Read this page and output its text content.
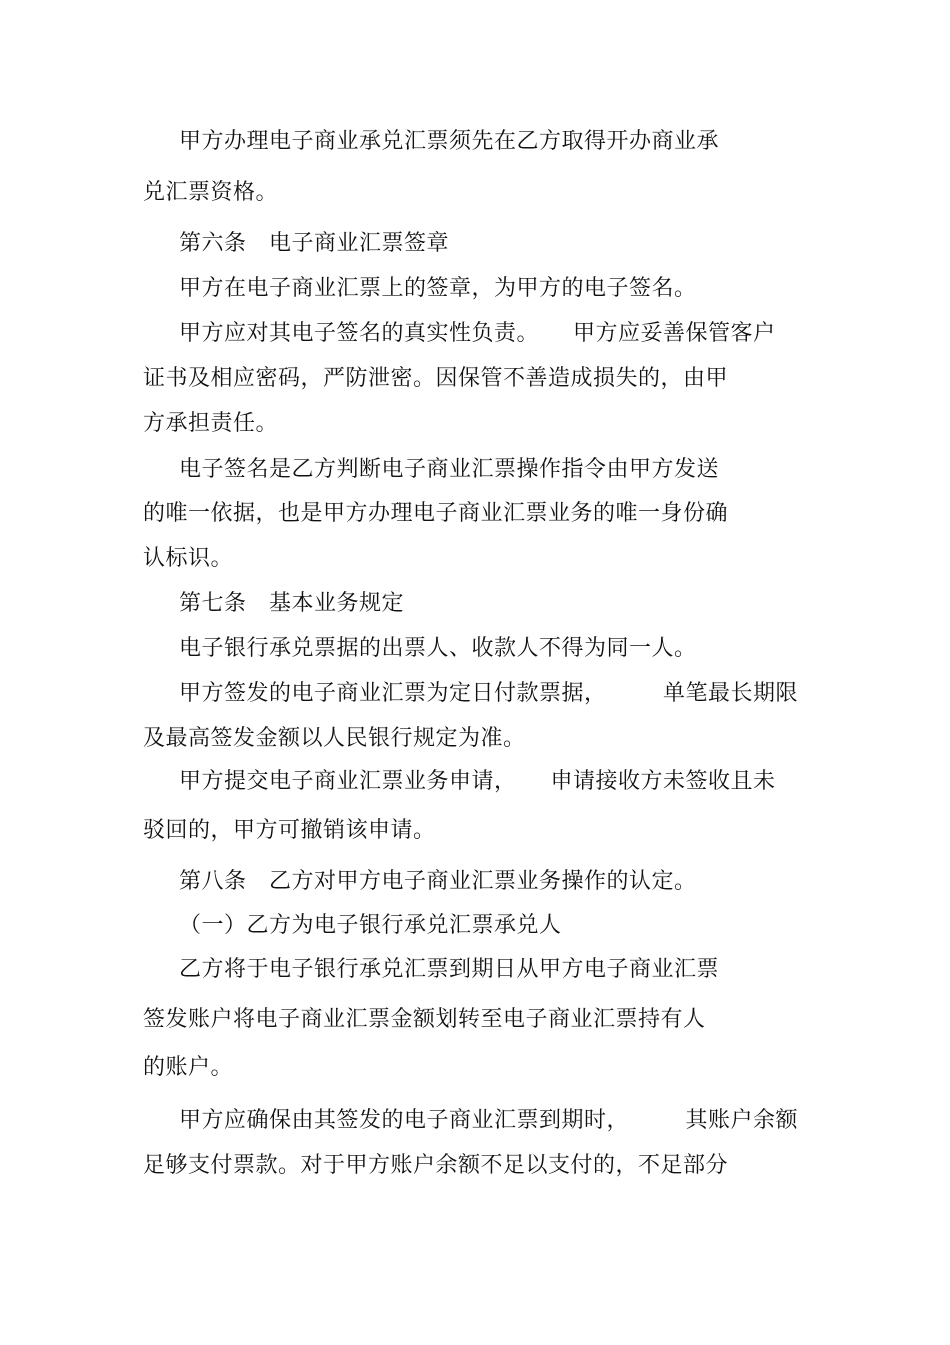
甲方办理电子商业承兑汇票须先在乙方取得开办商业承
兑汇票资格。
第六条　电子商业汇票签章
甲方在电子商业汇票上的签章，为甲方的电子签名。
甲方应对其电子签名的真实性负责。　　甲方应妥善保管客户
证书及相应密码，严防泄密。因保管不善造成损失的，由甲
方承担责任。
电子签名是乙方判断电子商业汇票操作指令由甲方发送
的唯一依据，也是甲方办理电子商业汇票业务的唯一身份确
认标识。
第七条　基本业务规定
电子银行承兑票据的出票人、收款人不得为同一人。
甲方签发的电子商业汇票为定日付款票据，　　　单笔最长期限
及最高签发金额以人民银行规定为准。
甲方提交电子商业汇票业务申请，　　申请接收方未签收且未
驳回的，甲方可撤销该申请。
第八条　乙方对甲方电子商业汇票业务操作的认定。
（一）乙方为电子银行承兑汇票承兑人
乙方将于电子银行承兑汇票到期日从甲方电子商业汇票
签发账户将电子商业汇票金额划转至电子商业汇票持有人
的账户。
甲方应确保由其签发的电子商业汇票到期时，　　　其账户余额
足够支付票款。对于甲方账户余额不足以支付的，不足部分
